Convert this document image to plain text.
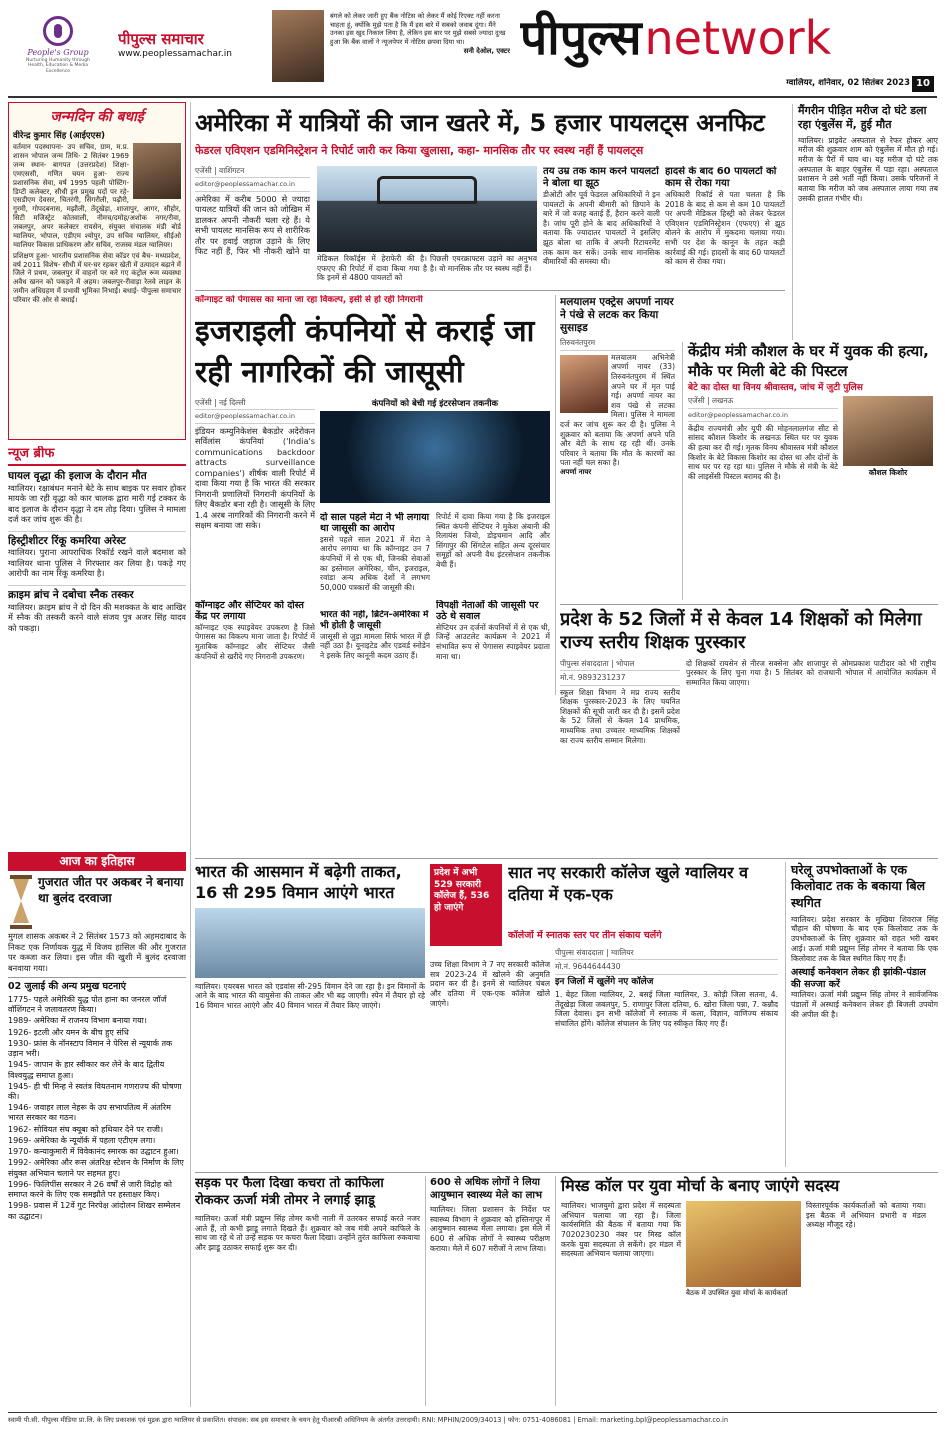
People's Group
Nurturing Humanity through Health, Education & Media Excellence
पीपुल्स समाचार
www.peoplessamachar.in
बंगले को लेकर जारी हुए बैंक नोटिस को लेकर मैं कोई रिएक्ट नहीं करना चाहता हूं, क्योंकि मुझे पता है कि मैं इस बारे में सबको जवाब दूंगा। मैंने उनका इस खुद निकाल लिया है, लेकिन इस बार पर मुझे सबसे ज्यादा दुःख हुआ कि बैंक वालों ने न्यूजपेपर में नोटिस छपवा दिया था।
सनी देओल, एक्टर पीपुल्स network
ग्वालियर, शनिवार, 02 सितंबर 2023 10
जन्मदिन की बधाई
वीरेन्द्र कुमार सिंह (आईएएस)
वर्तमान पदस्थापना- उप सचिव, ग्राम, म.प्र. शासन भोपाल जन्म तिथि- 2 सितंबर 1969 जन्म स्थान- बागपत (उत्तरप्रदेश) शिक्षा- एमएससी, गणित चयन हुआ- राज्य प्रशासनिक सेवा, वर्ष 1995 पहली पोस्टिंग- डिप्टी कलेक्टर, सीधी इन प्रमुख पदों पर रहे- एसडीएम देवसर, चितरंगी, सिंगरौली, पढ़ौरी, गुरमी, गोपदबनास, मझौली, तेंदूखेड़ा, शाजापुर, आगर, सीहोर, सिटी मजिस्ट्रेट कोतवाली, नीमच/दमोह/अशोक नगर/रीवा, जबलपुर, अपर कलेक्टर रायसेन, संयुक्त संचालक मंडी बोर्ड ग्वालियर, भोपाल, एडीएम श्योपुर, उप सचिव ग्वालियर, सीईओ ग्वालियर विकास प्राधिकरण और सचिव, राजस्व मंडल ग्वालियर।
प्रशिक्षण हुआ- भारतीय प्रशासनिक सेवा कॉडर एवं बैच- मध्यप्रदेश, वर्ष 2011 विशेष- सीधी में घर-घर रहकर खेती में उत्पादन बढ़ाने में जिले ने प्रथम, जबलपुर में वाहनों पर करे गए कंट्रोल रूम व्यवस्था अवैध खनन को पकड़ने में अहम। जबलपुर-रीवाड़ा रेलवे लाइन के जमीन अधिग्रहण में प्रभावी भूमिका निभाई। बधाई- पीपुल्स समाचार परिवार की ओर से बधाई।
न्यूज ब्रीफ
घायल वृद्धा की इलाज के दौरान मौत
ग्वालियर। रक्षाबंधन मनाने बेटे के साथ बाइक पर सवार होकर मायके जा रही वृद्धा को कार चालक द्वारा मारी गई टक्कर के बाद इलाज के दौरान वृद्धा ने दम तोड़ दिया। पुलिस ने मामला दर्ज कर जांच शुरू की है।
हिस्ट्रीशीटर रिंकू कमरिया अरेस्ट
ग्वालियर। पुराना आपराधिक रिकॉर्ड रखने वाले बदमाश को ग्वालियर थाना पुलिस ने गिरफ्तार कर लिया है। पकड़े गए आरोपी का नाम रिंकू कमरिया है।
क्राइम ब्रांच ने दबोचा स्नैक तस्कर
ग्वालियर। क्राइम ब्रांच ने दो दिन की मशक्कत के बाद आखिर में स्नैक की तस्करी करने वाले संजय पुत्र अजर सिंह यादव को पकड़ा।
आज का इतिहास
गुजरात जीत पर अकबर ने बनाया था बुलंद दरवाजा
मुगल शासक अकबर ने 2 सितंबर 1573 को अहमदाबाद के निकट एक निर्णायक युद्ध में विजय हासिल की और गुजरात पर कब्जा कर लिया। इस जीत की खुशी में बुलंद दरवाजा बनवाया गया।
02 जुलाई की अन्य प्रमुख घटनाएं
1775- पहले अमेरिकी युद्ध पोत हाना का जनरल जॉर्ज वॉशिंगटन ने जलावतरण किया।
1989- अमेरिका में राजनय विभाग बनाया गया।
1926- इटली और यमन के बीच हुए संधि
1930- फ्रांस के नॉनस्टाप विमान ने पेरिस से न्यूयार्क तक उड़ान भरी।
1945- जापान के हार स्वीकार कर लेने के बाद द्वितीय विश्वयुद्ध समाप्त हुआ।
1945- ही ची मिन्ह ने स्वतंत्र वियतनाम गणराज्य की घोषणा की।
1946- जवाहर लाल नेहरू के उप सभापतित्व में अंतरिम भारत सरकार का गठन।
1962- सोवियत संघ क्यूबा को हथियार देने पर राजी।
1969- अमेरिका के न्यूयॉर्क में पहला एटीएम लगा।
1970- कन्याकुमारी में विवेकानंद स्मारक का उद्घाटन हुआ।
1992- अमेरिका और रूस अंतरिक्ष स्टेशन के निर्माण के लिए संयुक्त अभियान चलाने पर सहमत हुए।
1996- फिलिपींस सरकार ने 26 वर्षों से जारी विद्रोह को समाप्त करने के लिए एक समझौते पर हस्ताक्षर किए।
1998- प्रवास में 12वें गुट निरपेक्ष आंदोलन शिखर सम्मेलन का उद्घाटन।
अमेरिका में यात्रियों की जान खतरे में, 5 हजार पायलट्स अनफिट
फेडरल एविएशन एडमिनिस्ट्रेशन ने रिपोर्ट जारी कर किया खुलासा, कहा- मानसिक तौर पर स्वस्थ नहीं हैं पायलट्स
एजेंसी | वाशिंगटन
editor@peoplessamachar.co.in
अमेरिका में करीब 5000 से ज्यादा पायलट यात्रियों की जान को जोखिम में डालकर अपनी नौकरी चला रहे हैं। ये सभी पायलट मानसिक रूप से शारीरिक तौर पर हवाई जहाज उड़ाने के लिए फिट नहीं हैं, फिर भी नौकरी खोने या
मेडिकल रिकॉर्ड्स में हेराफेरी की है। एफएए की रिपोर्ट में दावा किया गया है कि इनमें से 4800 पायलटों को
पिछली एयरक्राफ्टस उड़ाने का अनुभव है। वो मानसिक तौर पर स्वस्थ नहीं हैं।
तय उम्र तक काम करने पायलटों ने बोला था झूठ
डीओटी और पूर्व फेडरल अधिकारियों ने इन पायलटों के अपनी बीमारी को छिपाने के बारे में जो वजह बताई हैं, हैरान करने वाली है। जांच पूरी होने के बाद अधिकारियों ने बताया कि ज्यादातर पायलटों ने इसलिए झूठ बोला था ताकि वे अपनी रिटायरमेंट तक काम कर सकें। उनके साथ मानसिक बीमारियों की समस्या थी।
हादसे के बाद 60 पायलटों को काम से रोका गया
अधिकारी रिकॉर्ड से पता चलता है कि 2018 के बाद से कम से कम 10 पायलटों पर अपनी मेडिकल हिस्ट्री को लेकर फेडरल एविएशन एडमिनिस्ट्रेशन (एफएए) से झूठ बोलने के आरोप में मुकदमा चलाया गया। सभी पर देश के कानून के तहत कड़ी कार्रवाई की गई। हादसों के बाद 60 पायलटों को काम से रोका गया।
मैंगरीन पीड़ित मरीज दो घंटे डला रहा एंबुलेंस में, हुई मौत
ग्वालियर। प्राइवेट अस्पताल से रेफर होकर आए मरीज की शुक्रवार शाम को एंबुलेंस में मौत हो गई। मरीज के पैरों में घाव था। यह मरीज दो घंटे तक अस्पताल के बाहर एंबुलेंस में पड़ा रहा। अस्पताल प्रशासन ने उसे भर्ती नहीं किया। उसके परिजनों ने बताया कि मरीज को जब अस्पताल लाया गया तब उसकी हालत गंभीर थी।
कॉन्गाइट को पेगासस का माना जा रहा विकल्प, इसी से हो रही निगरानी
इजराइली कंपनियों से कराई जा रही नागरिकों की जासूसी
एजेंसी | नई दिल्ली
editor@peoplessamachar.co.in
इंडियन कम्युनिकेशंस बैकडोर अदेरोकन सर्विलांस कंपनियां ('India's communications backdoor attracts surveillance companies') शीर्षक वाली रिपोर्ट में दावा किया गया है कि भारत की सरकार निगरानी प्रणालियों निगरानी कंपनियों के लिए बैकडोर बना रही है। जासूसी के लिए 1.4 अरब नागरिकों की निगरानी करने में सक्षम बनाया जा सके।
कंपनियों को बेची गई इंटरसेप्शन तकनीक
दो साल पहले मेटा ने भी लगाया था जासूसी का आरोप
इससे पहले साल 2021 में मेटा ने आरोप लगाया था कि कॉग्नाइट उन 7 कंपनियों में से एक थी, जिनकी सेवाओं का इस्तेमाल अमेरिका, चीन, इजराइल, रवांडा अन्य अधिक देशों ने लगभग 50,000 पत्रकारों की जासूसी की।
रिपोर्ट में दावा किया गया है कि इजराइल स्थित कंपनी सेप्टियर ने मुकेश अंबानी की रिलायंस जियो, डोइचमान आदि और सिंगापुर की सिंगटेल सहित अन्य दूरसंचार समूहों को अपनी वैध इंटरसेप्शन तकनीक बेची हैं।
कॉग्नाइट और सेप्टियर को दोस्त केंद्र पर लगाया
कॉग्नाइट एक स्पाइवेयर उपकरण है जिसे पेगासस का विकल्प माना जाता है। रिपोर्ट में मुताबिक कॉग्नाइट और सेप्टियर जैसी कंपनियों से खरीदे गए निगरानी उपकरण।
विपक्षी नेताओं की जासूसी पर उठे थे सवाल
सेप्टियर उन दर्जनों कंपनियों में से एक थी, जिन्हें आउटलेट कार्यक्रम ने 2021 में संभावित रूप से पेगासस स्पाइवेयर प्रदाता माना था।
भारत की नहीं, ब्रिटेन-अमेरिका में भी होती है जासूसी
जासूसी से जुड़ा मामला सिर्फ भारत में ही नहीं उठा है। यूनाइटेड और एडवर्ड स्नोडेन ने इसके लिए कानूनी कदम उठाए हैं।
मलयालम एक्ट्रेस अपर्णा नायर ने पंखे से लटक कर किया सुसाइड
तिरुवनंतपुरम
मलयालम अभिनेत्री अपर्णा नायर (33) तिरुवनंतपुरम में स्थित अपने घर में मृत पाई गई। अपर्णा नायर का शव पंखे से लटका मिला। पुलिस ने मामला दर्ज कर जांच शुरू कर दी है। पुलिस ने शुक्रवार को बताया कि अपर्णा अपने पति और बेटी के साथ रह रही थीं। उनके परिवार ने बताया कि मौत के कारणों का पता नहीं चल सका है।
अपर्णा नायर
केंद्रीय मंत्री कौशल के घर में युवक की हत्या, मौके पर मिली बेटे की पिस्टल
बेटे का दोस्त था विनय श्रीवास्तव, जांच में जुटी पुलिस
एजेंसी | लखनऊ
editor@peoplessamachar.co.in
केंद्रीय राज्यमंत्री और यूपी की मोहनलालगंज सीट से सांसद कौशल किशोर के लखनऊ स्थित घर पर युवक की हत्या कर दी गई। मृतक विनय श्रीवास्तव मंत्री कौशल किशोर के बेटे विकास किशोर का दोस्त था और दोनों के साथ घर पर रह रहा था। पुलिस ने मौके से मंत्री के बेटे की लाइसेंसी पिस्टल बरामद की है।	कौशल किशोर
प्रदेश के 52 जिलों में से केवल 14 शिक्षकों को मिलेगा राज्य स्तरीय शिक्षक पुरस्कार
पीपुल्स संवाददाता | भोपाल
मो.नं. 9893231237
स्कूल शिक्षा विभाग ने मप्र राज्य स्तरीय शिक्षक पुरस्कार-2023 के लिए चयनित शिक्षकों की सूची जारी कर दी है। इसमें प्रदेश के 52 जिलों से केवल 14 प्राथमिक, माध्यमिक तथा उच्चतर माध्यमिक शिक्षकों का राज्य स्तरीय सम्मान मिलेगा।
दो शिक्षकों रायसेन से नीरज सक्सेना और शाजापुर से ओमप्रकाश पाटीदार को भी राष्ट्रीय पुरस्कार के लिए चुना गया है। 5 सितंबर को राजधानी भोपाल में आयोजित कार्यक्रम में सम्मानित किया जाएगा।
भारत की आसमान में बढ़ेगी ताकत, 16 सी 295 विमान आएंगे भारत
ग्वालियर। एयरबस भारत को एडवांस सी-295 विमान देने जा रहा है। इन विमानों के आने के बाद भारत की वायुसेना की ताकत और भी बढ़ जाएगी। स्पेन में तैयार हो रहे 16 विमान भारत आएंगे और 40 विमान भारत में तैयार किए जाएंगे।
उच्च शिक्षा विभाग ने 7 नए सरकारी कॉलेज सत्र 2023-24 में खोलने की अनुमति प्रदान कर दी है। इनमें से ग्वालियर चंबल और दतिया में एक-एक कॉलेज खोले जाएंगे।
प्रदेश में अभी 529 सरकारी कॉलेज हैं, 536 हो जाएंगे
सात नए सरकारी कॉलेज खुले ग्वालियर व दतिया में एक-एक
कॉलेजों में स्नातक स्तर पर तीन संकाय चलेंगे
पीपुल्स संवाददाता | ग्वालियर
मो.नं. 9644644430
इन जिलों में खुलेंगे नए कॉलेज
1. बेहट जिला ग्वालियर, 2. बसई जिला ग्वालियर, 3. कोड़ी जिला सतना, 4. तेंदूखेड़ा जिला जबलपुर, 5. राणापुर जिला दतिया, 6. खोरा जिला पन्ना, 7. कन्नौद जिला देवास। इन सभी कॉलेजों में स्नातक में कला, विज्ञान, वाणिज्य संकाय संचालित होंगे। कॉलेज संचालन के लिए पद स्वीकृत किए गए हैं।
घरेलू उपभोक्ताओं के एक किलोवाट तक के बकाया बिल स्थगित
ग्वालियर। प्रदेश सरकार के मुखिया शिवराज सिंह चौहान की घोषणा के बाद एक किलोवाट तक के उपभोक्ताओं के लिए शुक्रवार को राहत भरी खबर आई। ऊर्जा मंत्री प्रद्युम्न सिंह तोमर ने बताया कि एक किलोवाट तक के बिल स्थगित किए गए हैं।
अस्थाई कनेक्शन लेकर ही झांकी-पंडाल की सज्जा करें
ग्वालियर। ऊर्जा मंत्री प्रद्युम्न सिंह तोमर ने सार्वजनिक पंडालों में अस्थाई कनेक्शन लेकर ही बिजली उपयोग की अपील की है।
सड़क पर फैला दिखा कचरा तो काफिला रोककर ऊर्जा मंत्री तोमर ने लगाई झाडू
ग्वालियर। ऊर्जा मंत्री प्रद्युम्न सिंह तोमर कभी नाली में उतरकर सफाई करते नजर आते हैं, तो कभी झाडू लगाते दिखते हैं। शुक्रवार को जब मंत्री अपने काफिले के साथ जा रहे थे तो उन्हें सड़क पर कचरा फैला दिखा। उन्होंने तुरंत काफिला रुकवाया और झाडू उठाकर सफाई शुरू कर दी।
600 से अधिक लोगों ने लिया आयुष्मान स्वास्थ्य मेले का लाभ
ग्वालियर। जिला प्रशासन के निर्देश पर स्वास्थ्य विभाग ने शुक्रवार को हस्तिनापुर में आयुष्मान स्वास्थ्य मेला लगाया। इस मेले में 600 से अधिक लोगों ने स्वास्थ्य परीक्षण कराया। मेले में 607 मरीजों ने लाभ लिया।
मिस्ड कॉल पर युवा मोर्चा के बनाए जाएंगे सदस्य
ग्वालियर। भाजयुमो द्वारा प्रदेश में सदस्यता अभियान चलाया जा रहा है। जिला कार्यसमिति की बैठक में बताया गया कि 7020230230 नंबर पर मिस्ड कॉल करके युवा सदस्यता ले सकेंगे। हर मंडल में सदस्यता अभियान चलाया जाएगा।
बैठक में उपस्थित युवा मोर्चा के कार्यकर्ता
विस्तारपूर्वक कार्यकर्ताओं को बताया गया। इस बैठक में अभियान प्रभारी व मंडल अध्यक्ष मौजूद रहे।
स्वामी पी.सी. पीपुल्स मीडिया प्रा.लि. के लिए प्रकाशक एवं मुद्रक द्वारा ग्वालियर से प्रकाशित। संपादक: सब इस समाचार के चयन हेतु पीआरबी अधिनियम के अंतर्गत उत्तरदायी। RNI: MPHIN/2009/34013 | फोन: 0751-4086081 | Email: marketing.bpl@peoplessamachar.co.in
